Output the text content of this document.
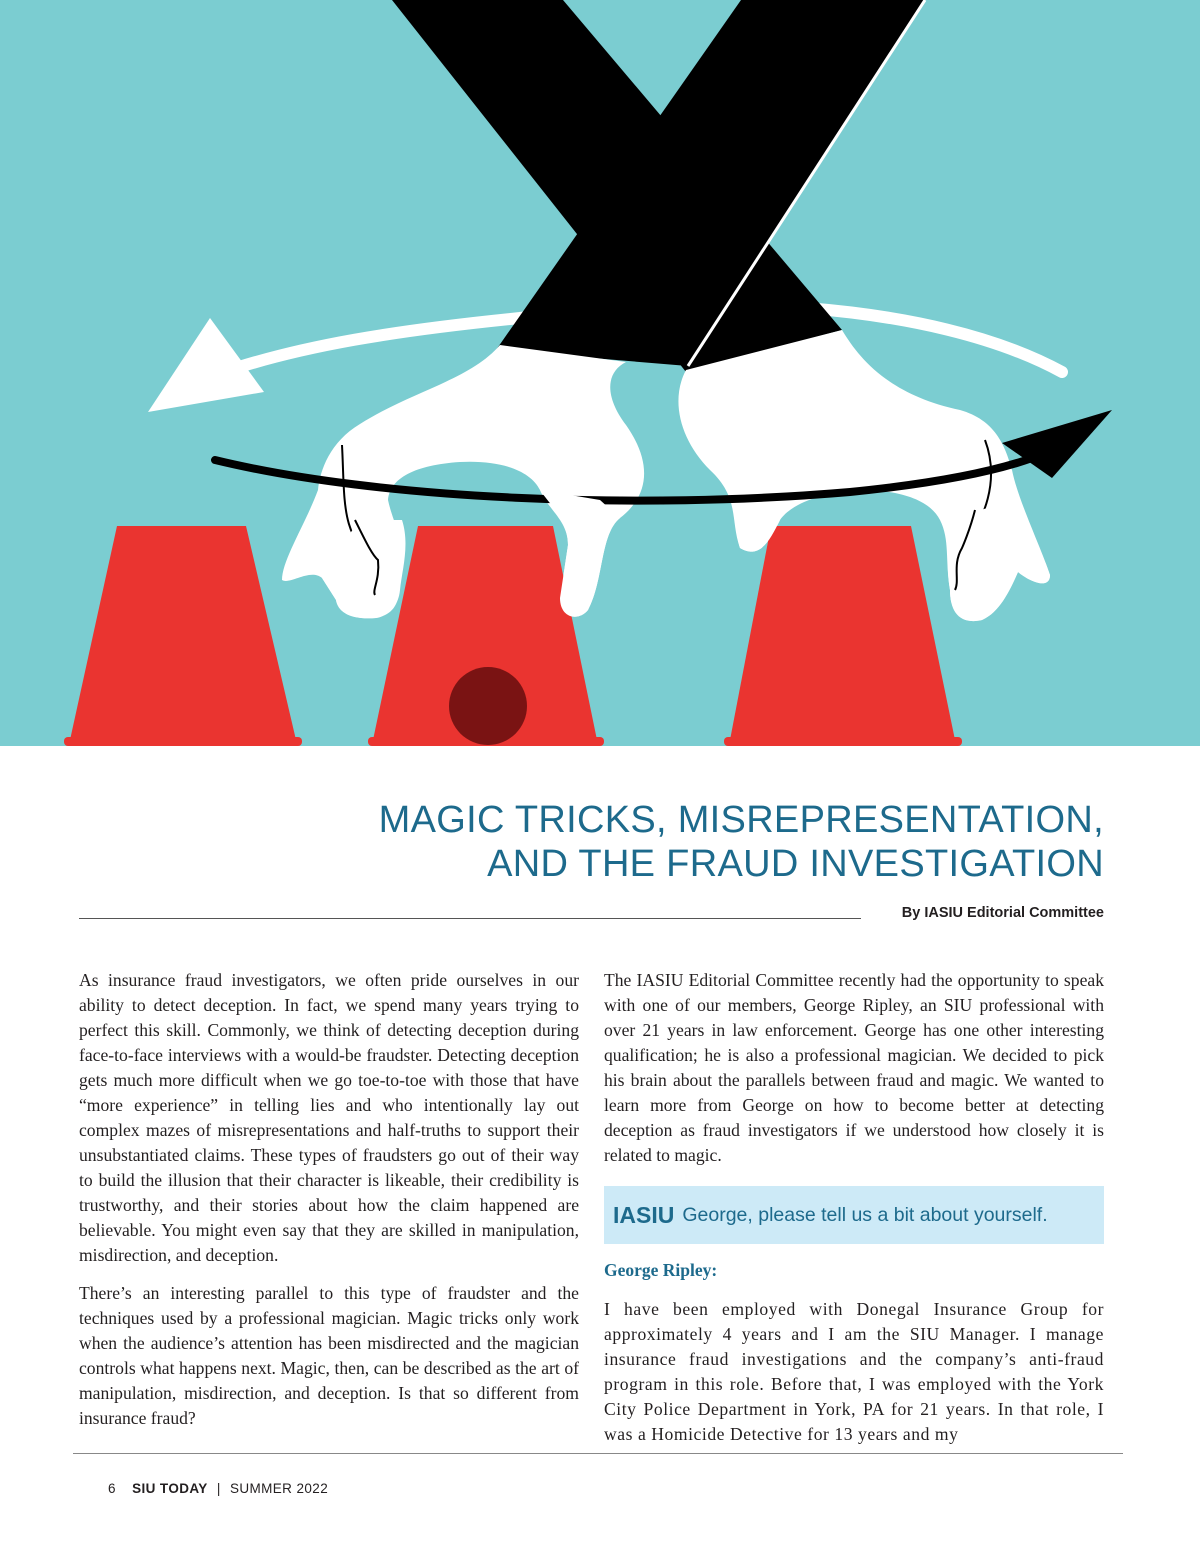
MAGIC TRICKS, MISREPRESENTATION,
AND THE FRAUD INVESTIGATION
By IASIU Editorial Committee

As insurance fraud investigators, we often pride ourselves in our ability to detect deception. In fact, we spend many years trying to perfect this skill. Commonly, we think of detecting deception during face-to-face interviews with a would-be fraudster. Detecting deception gets much more difficult when we go toe-to-toe with those that have “more experience” in telling lies and who intentionally lay out complex mazes of misrepresentations and half-truths to support their unsubstantiated claims. These types of fraudsters go out of their way to build the illusion that their character is likeable, their credibility is trustworthy, and their stories about how the claim happened are believable. You might even say that they are skilled in manipulation, misdirection, and deception.

There’s an interesting parallel to this type of fraudster and the techniques used by a professional magician. Magic tricks only work when the audience’s attention has been misdirected and the magician controls what happens next. Magic, then, can be described as the art of manipulation, misdirection, and deception. Is that so different from insurance fraud?

The IASIU Editorial Committee recently had the opportunity to speak with one of our members, George Ripley, an SIU professional with over 21 years in law enforcement. George has one other interesting qualification; he is also a professional magician. We decided to pick his brain about the parallels between fraud and magic. We wanted to learn more from George on how to become better at detecting deception as fraud investigators if we understood how closely it is related to magic.

IASIU George, please tell us a bit about yourself.
George Ripley:

I have been employed with Donegal Insurance Group for approximately 4 years and I am the SIU Manager. I manage insurance fraud investigations and the company’s anti-fraud program in this role. Before that, I was employed with the York City Police Department in York, PA for 21 years. In that role, I was a Homicide Detective for 13 years and my

6 SIU TODAY | SUMMER 2022
